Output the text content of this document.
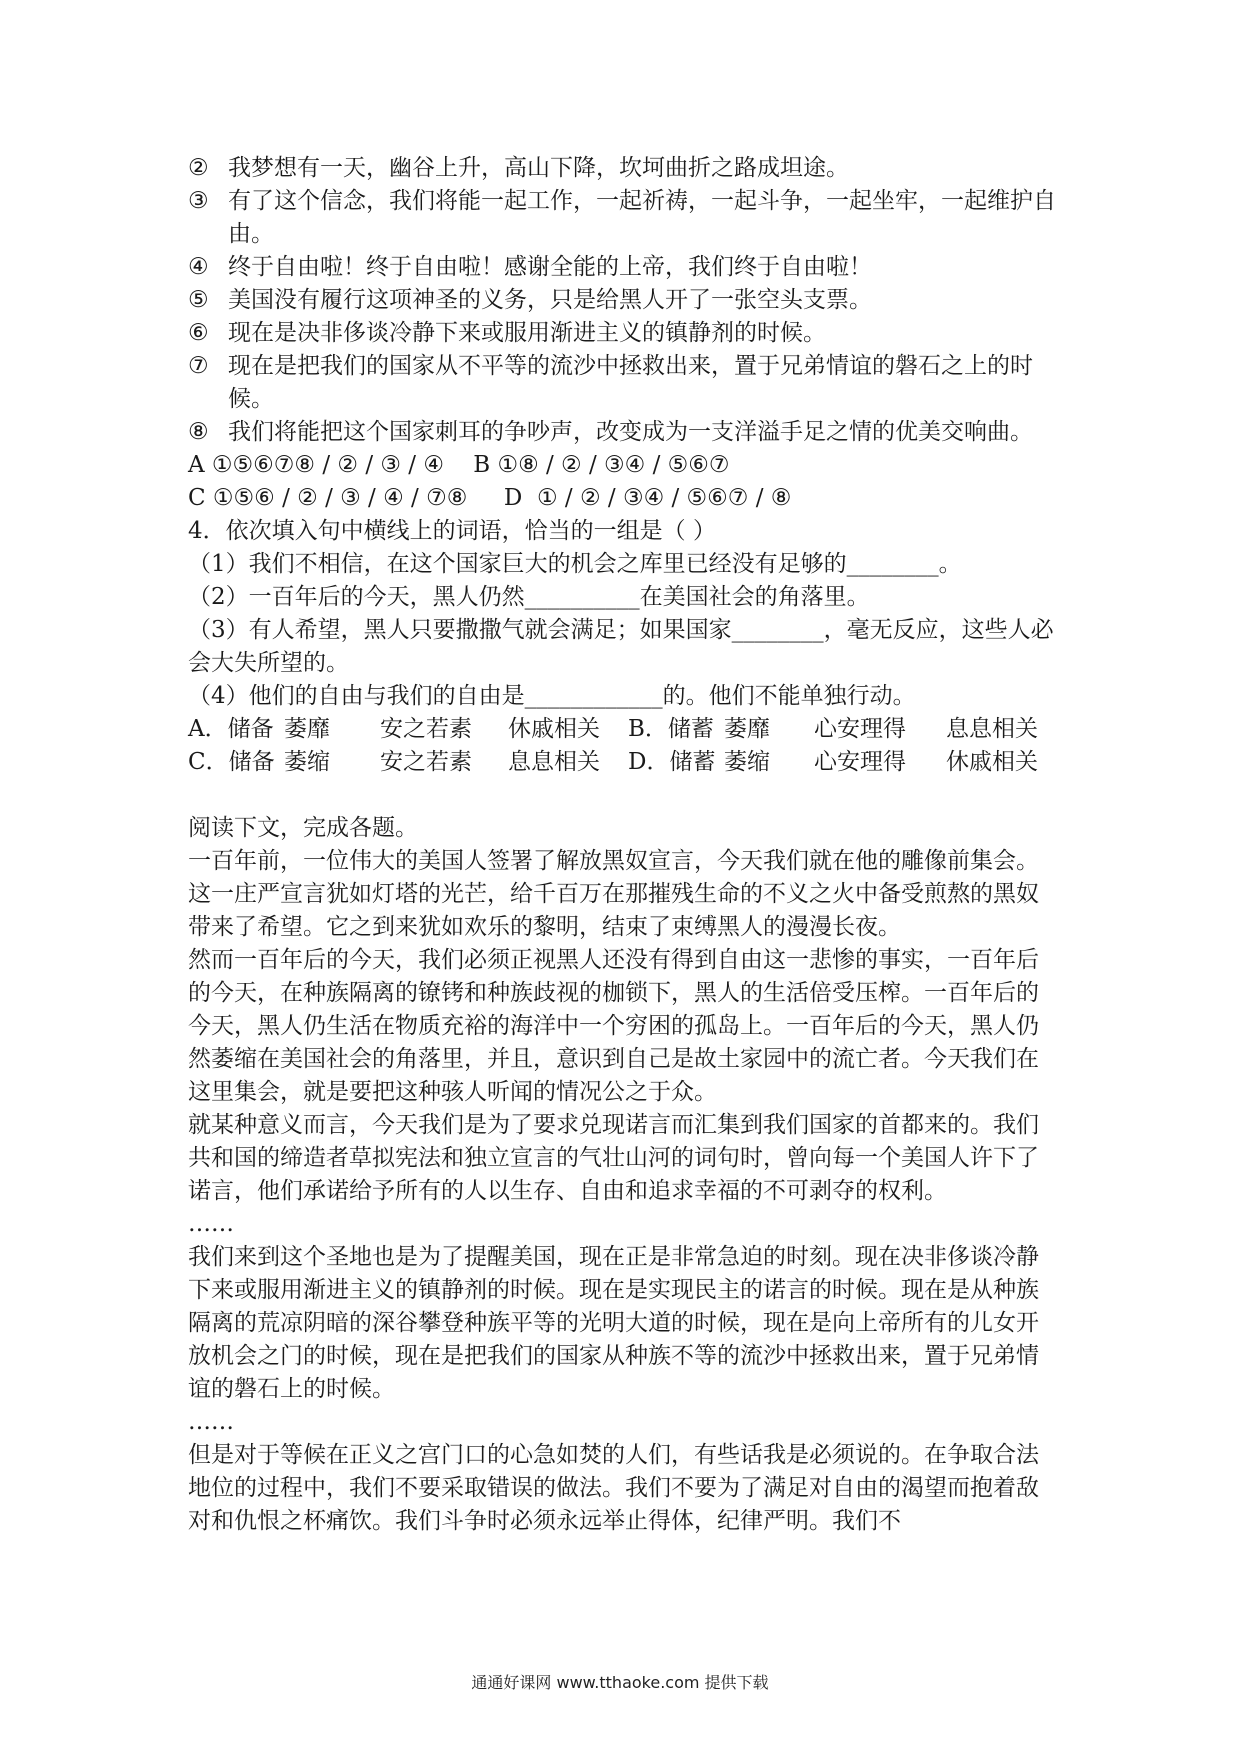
② 我梦想有一天，幽谷上升，高山下降，坎坷曲折之路成坦途。
③ 有了这个信念，我们将能一起工作，一起祈祷，一起斗争，一起坐牢，一起维护自由。
④ 终于自由啦！终于自由啦！感谢全能的上帝，我们终于自由啦！
⑤ 美国没有履行这项神圣的义务，只是给黑人开了一张空头支票。
⑥ 现在是决非侈谈冷静下来或服用渐进主义的镇静剂的时候。
⑦ 现在是把我们的国家从不平等的流沙中拯救出来，置于兄弟情谊的磐石之上的时候。
⑧ 我们将能把这个国家刺耳的争吵声，改变成为一支洋溢手足之情的优美交响曲。
A ①⑤⑥⑦⑧ / ② / ③ / ④    B ①⑧ / ② / ③④ / ⑤⑥⑦
C ①⑤⑥ / ② / ③ / ④ / ⑦⑧     D  ① / ② / ③④ / ⑤⑥⑦ / ⑧
4．依次填入句中横线上的词语，恰当的一组是（ ）
（1）我们不相信，在这个国家巨大的机会之库里已经没有足够的________。
（2）一百年后的今天，黑人仍然__________在美国社会的角落里。
（3）有人希望，黑人只要撒撒气就会满足；如果国家________，毫无反应，这些人必会大失所望的。
（4）他们的自由与我们的自由是____________的。他们不能单独行动。
A．储备 萎靡	安之若素	休戚相关	B．储蓄 萎靡	心安理得	息息相关
C．储备 萎缩	安之若素	息息相关	D．储蓄 萎缩	心安理得	休戚相关
阅读下文，完成各题。

一百年前，一位伟大的美国人签署了解放黑奴宣言，今天我们就在他的雕像前集会。这一庄严宣言犹如灯塔的光芒，给千百万在那摧残生命的不义之火中备受煎熬的黑奴带来了希望。它之到来犹如欢乐的黎明，结束了束缚黑人的漫漫长夜。

然而一百年后的今天，我们必须正视黑人还没有得到自由这一悲惨的事实，一百年后的今天，在种族隔离的镣铐和种族歧视的枷锁下，黑人的生活倍受压榨。一百年后的今天，黑人仍生活在物质充裕的海洋中一个穷困的孤岛上。一百年后的今天，黑人仍然萎缩在美国社会的角落里，并且，意识到自己是故土家园中的流亡者。今天我们在这里集会，就是要把这种骇人听闻的情况公之于众。

就某种意义而言，今天我们是为了要求兑现诺言而汇集到我们国家的首都来的。我们共和国的缔造者草拟宪法和独立宣言的气壮山河的词句时，曾向每一个美国人许下了诺言，他们承诺给予所有的人以生存、自由和追求幸福的不可剥夺的权利。

……

我们来到这个圣地也是为了提醒美国，现在正是非常急迫的时刻。现在决非侈谈冷静下来或服用渐进主义的镇静剂的时候。现在是实现民主的诺言的时候。现在是从种族隔离的荒凉阴暗的深谷攀登种族平等的光明大道的时候，现在是向上帝所有的儿女开放机会之门的时候，现在是把我们的国家从种族不等的流沙中拯救出来，置于兄弟情谊的磐石上的时候。

……

但是对于等候在正义之宫门口的心急如焚的人们，有些话我是必须说的。在争取合法地位的过程中，我们不要采取错误的做法。我们不要为了满足对自由的渴望而抱着敌对和仇恨之杯痛饮。我们斗争时必须永远举止得体，纪律严明。我们不

通通好课网 www.tthaoke.com 提供下载
